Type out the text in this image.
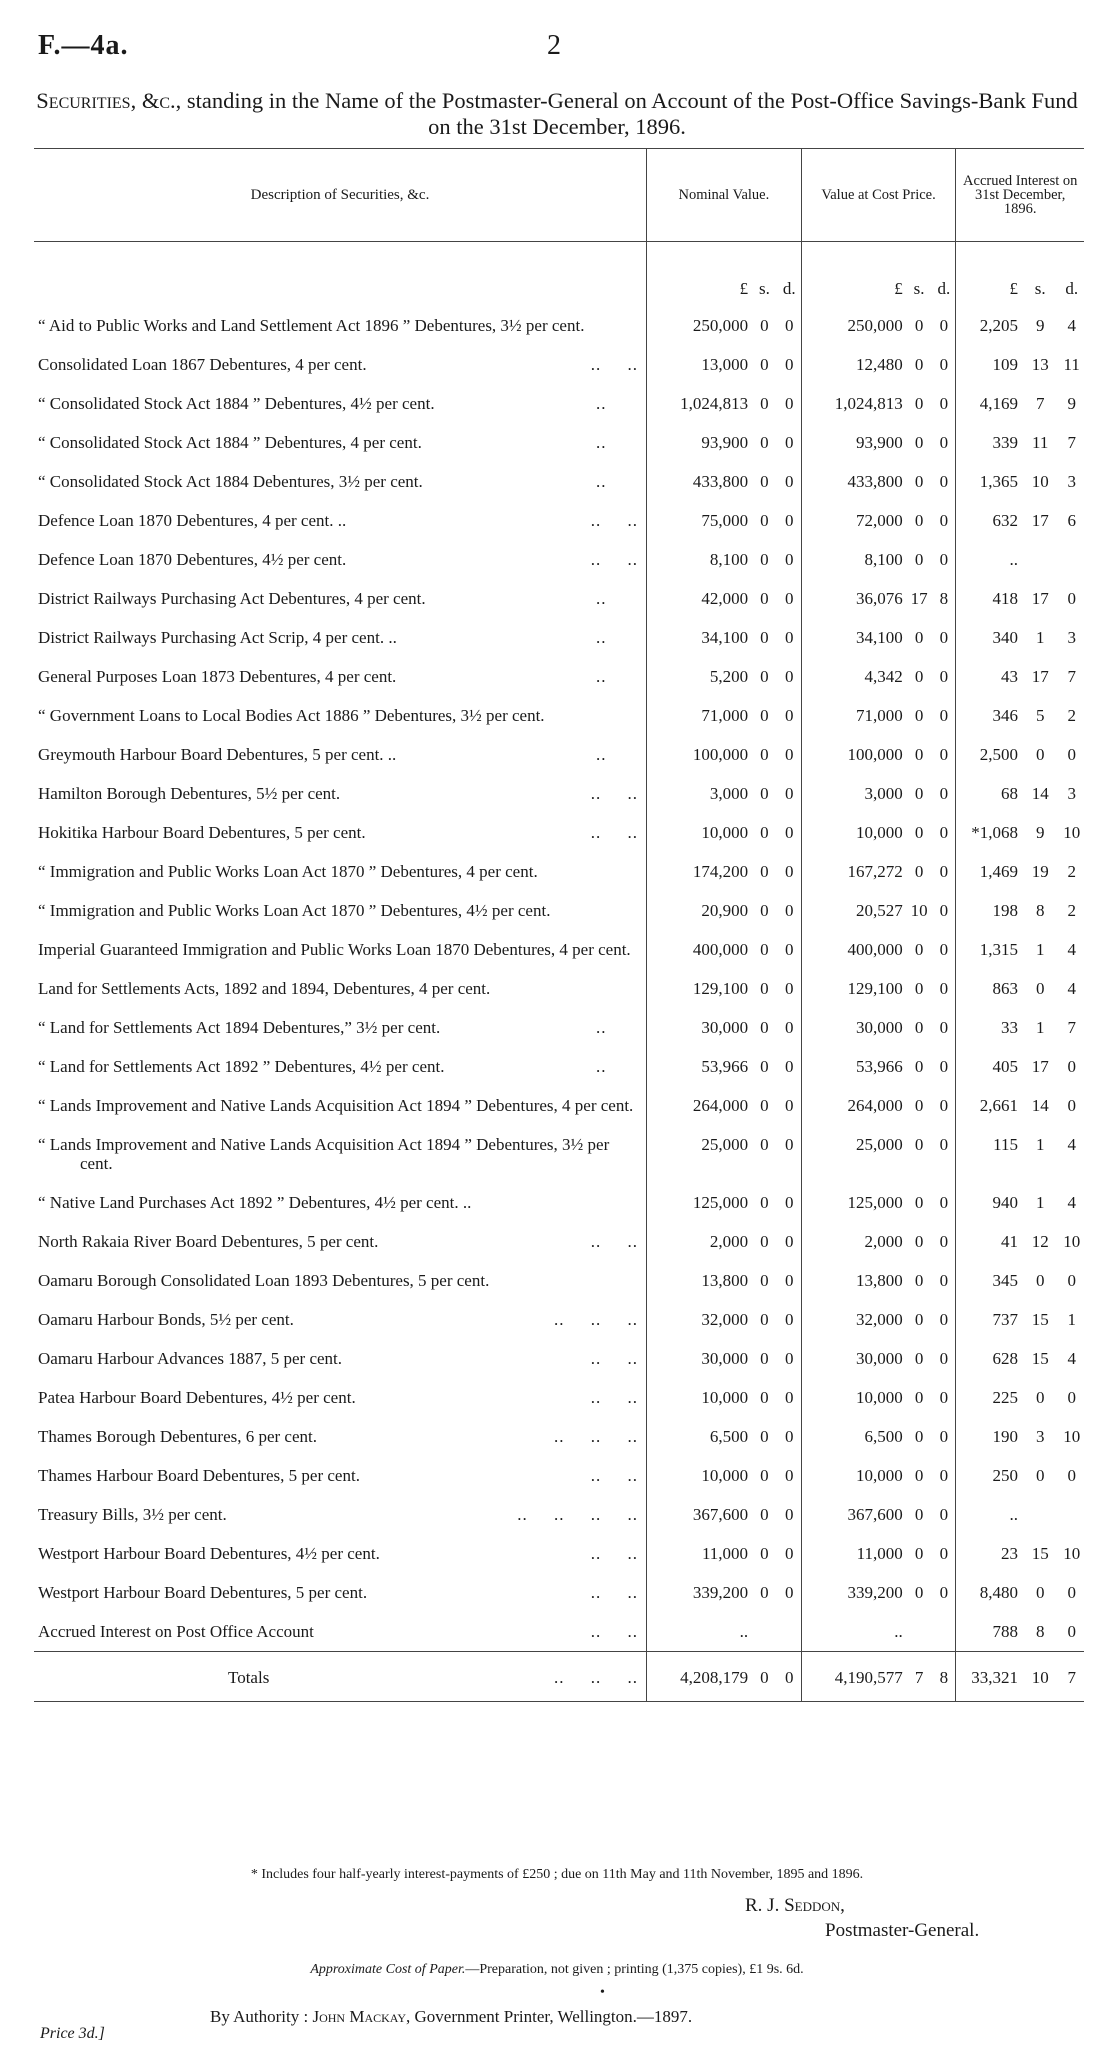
F.—4a.	2
Securities, &c., standing in the Name of the Postmaster-General on Account of the Post-Office Savings-Bank Fund on the 31st December, 1896.
Description of Securities, &c.	Nominal Value.			Value at Cost Price.			Accrued Interest on 31st December, 1896.		
	£	s.	d.	£	s.	d.	£	s.	d.

“ Aid to Public Works and Land Settlement Act 1896 ” Debentures, 3½ per cent.	250,000	0	0	250,000	0	0	2,205	9	4

..     ..
Consolidated Loan 1867 Debentures, 4 per cent.	13,000	0	0	12,480	0	0	109	13	11

..
“ Consolidated Stock Act 1884 ” Debentures, 4½ per cent.	1,024,813	0	0	1,024,813	0	0	4,169	7	9

..
“ Consolidated Stock Act 1884 ” Debentures, 4 per cent.	93,900	0	0	93,900	0	0	339	11	7

..
“ Consolidated Stock Act 1884 Debentures, 3½ per cent.	433,800	0	0	433,800	0	0	1,365	10	3

..     ..
Defence Loan 1870 Debentures, 4 per cent. ..	75,000	0	0	72,000	0	0	632	17	6

..     ..
Defence Loan 1870 Debentures, 4½ per cent.	8,100	0	0	8,100	0	0	..		

..
District Railways Purchasing Act Debentures, 4 per cent.	42,000	0	0	36,076	17	8	418	17	0

..
District Railways Purchasing Act Scrip, 4 per cent. ..	34,100	0	0	34,100	0	0	340	1	3

..
General Purposes Loan 1873 Debentures, 4 per cent.	5,200	0	0	4,342	0	0	43	17	7

“ Government Loans to Local Bodies Act 1886 ” Debentures, 3½ per cent.	71,000	0	0	71,000	0	0	346	5	2

..
Greymouth Harbour Board Debentures, 5 per cent. ..	100,000	0	0	100,000	0	0	2,500	0	0

..     ..
Hamilton Borough Debentures, 5½ per cent.	3,000	0	0	3,000	0	0	68	14	3

..     ..
Hokitika Harbour Board Debentures, 5 per cent.	10,000	0	0	10,000	0	0	*1,068	9	10

“ Immigration and Public Works Loan Act 1870 ” Debentures, 4 per cent.	174,200	0	0	167,272	0	0	1,469	19	2

“ Immigration and Public Works Loan Act 1870 ” Debentures, 4½ per cent.	20,900	0	0	20,527	10	0	198	8	2

Imperial Guaranteed Immigration and Public Works Loan 1870 Debentures, 4 per cent.	400,000	0	0	400,000	0	0	1,315	1	4

Land for Settlements Acts, 1892 and 1894, Debentures, 4 per cent.	129,100	0	0	129,100	0	0	863	0	4

..
“ Land for Settlements Act 1894 Debentures,” 3½ per cent.	30,000	0	0	30,000	0	0	33	1	7

..
“ Land for Settlements Act 1892 ” Debentures, 4½ per cent.	53,966	0	0	53,966	0	0	405	17	0

“ Lands Improvement and Native Lands Acquisition Act 1894 ” Debentures, 4 per cent.	264,000	0	0	264,000	0	0	2,661	14	0

“ Lands Improvement and Native Lands Acquisition Act 1894 ” Debentures, 3½ per cent.	25,000	0	0	25,000	0	0	115	1	4

“ Native Land Purchases Act 1892 ” Debentures, 4½ per cent. ..	125,000	0	0	125,000	0	0	940	1	4

..     ..
North Rakaia River Board Debentures, 5 per cent.	2,000	0	0	2,000	0	0	41	12	10

Oamaru Borough Consolidated Loan 1893 Debentures, 5 per cent.	13,800	0	0	13,800	0	0	345	0	0

..     ..     ..
Oamaru Harbour Bonds, 5½ per cent.	32,000	0	0	32,000	0	0	737	15	1

..     ..
Oamaru Harbour Advances 1887, 5 per cent.	30,000	0	0	30,000	0	0	628	15	4

..     ..
Patea Harbour Board Debentures, 4½ per cent.	10,000	0	0	10,000	0	0	225	0	0

..     ..     ..
Thames Borough Debentures, 6 per cent.	6,500	0	0	6,500	0	0	190	3	10

..     ..
Thames Harbour Board Debentures, 5 per cent.	10,000	0	0	10,000	0	0	250	0	0

..     ..     ..     ..
Treasury Bills, 3½ per cent.	367,600	0	0	367,600	0	0	..		

..     ..
Westport Harbour Board Debentures, 4½ per cent.	11,000	0	0	11,000	0	0	23	15	10

..     ..
Westport Harbour Board Debentures, 5 per cent.	339,200	0	0	339,200	0	0	8,480	0	0

..     ..
Accrued Interest on Post Office Account	..			..			788	8	0
Totals ..     ..     ..	4,208,179	0	0	4,190,577	7	8	33,321	10	7
* Includes four half-yearly interest-payments of £250 ; due on 11th May and 11th November, 1895 and 1896.
R. J. Seddon,
Postmaster-General.
Approximate Cost of Paper.—Preparation, not given ; printing (1,375 copies), £1 9s. 6d.
•
By Authority : John Mackay, Government Printer, Wellington.—1897.
Price 3d.]
